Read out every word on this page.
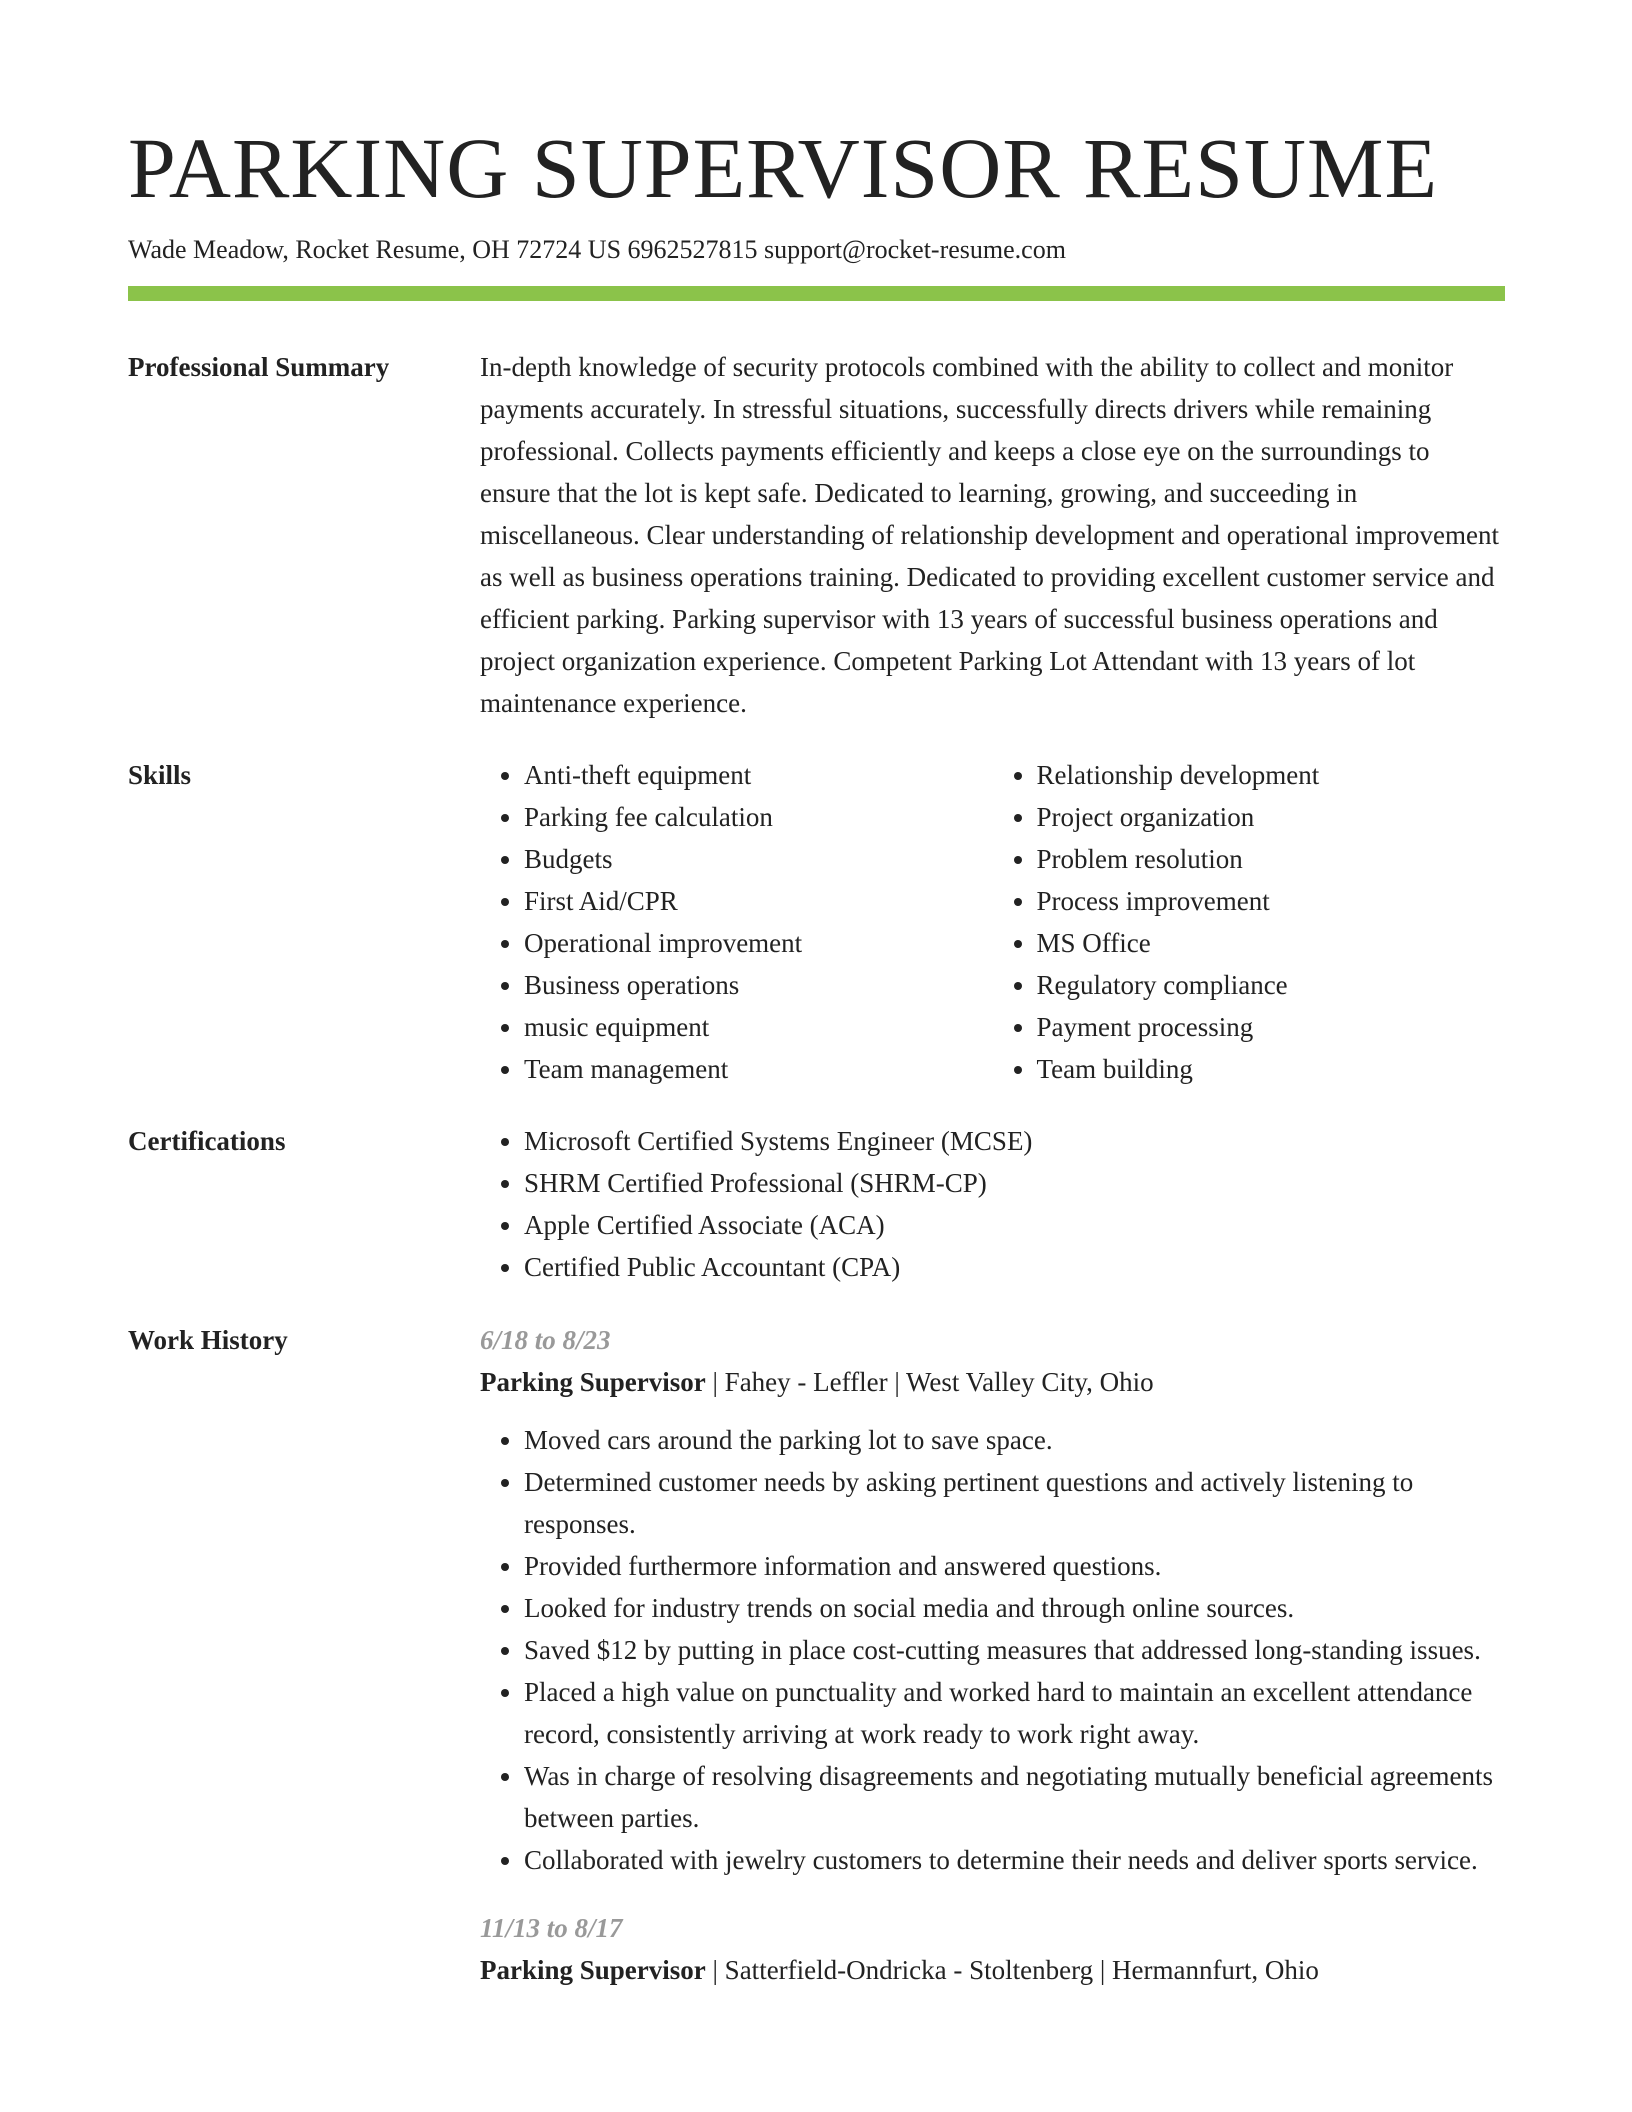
PARKING SUPERVISOR RESUME
Wade Meadow, Rocket Resume, OH 72724 US 6962527815 support@rocket-resume.com
Professional Summary	In-depth knowledge of security protocols combined with the ability to collect and monitor payments accurately. In stressful situations, successfully directs drivers while remaining professional. Collects payments efficiently and keeps a close eye on the surroundings to ensure that the lot is kept safe. Dedicated to learning, growing, and succeeding in miscellaneous. Clear understanding of relationship development and operational improvement as well as business operations training. Dedicated to providing excellent customer service and efficient parking. Parking supervisor with 13 years of successful business operations and project organization experience. Competent Parking Lot Attendant with 13 years of lot maintenance experience.

Skills	• Anti-theft equipment
• Parking fee calculation
• Budgets
• First Aid/CPR
• Operational improvement
• Business operations
• music equipment
• Team management
• Relationship development
• Project organization
• Problem resolution
• Process improvement
• MS Office
• Regulatory compliance
• Payment processing
• Team building
Certifications	• Microsoft Certified Systems Engineer (MCSE)
• SHRM Certified Professional (SHRM-CP)
• Apple Certified Associate (ACA)
• Certified Public Accountant (CPA)
Work History	6/18 to 8/23
Parking Supervisor | Fahey - Leffler | West Valley City, Ohio
• Moved cars around the parking lot to save space.
• Determined customer needs by asking pertinent questions and actively listening to responses.
• Provided furthermore information and answered questions.
• Looked for industry trends on social media and through online sources.
• Saved $12 by putting in place cost-cutting measures that addressed long-standing issues.
• Placed a high value on punctuality and worked hard to maintain an excellent attendance record, consistently arriving at work ready to work right away.
• Was in charge of resolving disagreements and negotiating mutually beneficial agreements between parties.
• Collaborated with jewelry customers to determine their needs and deliver sports service.
11/13 to 8/17
Parking Supervisor | Satterfield-Ondricka - Stoltenberg | Hermannfurt, Ohio
